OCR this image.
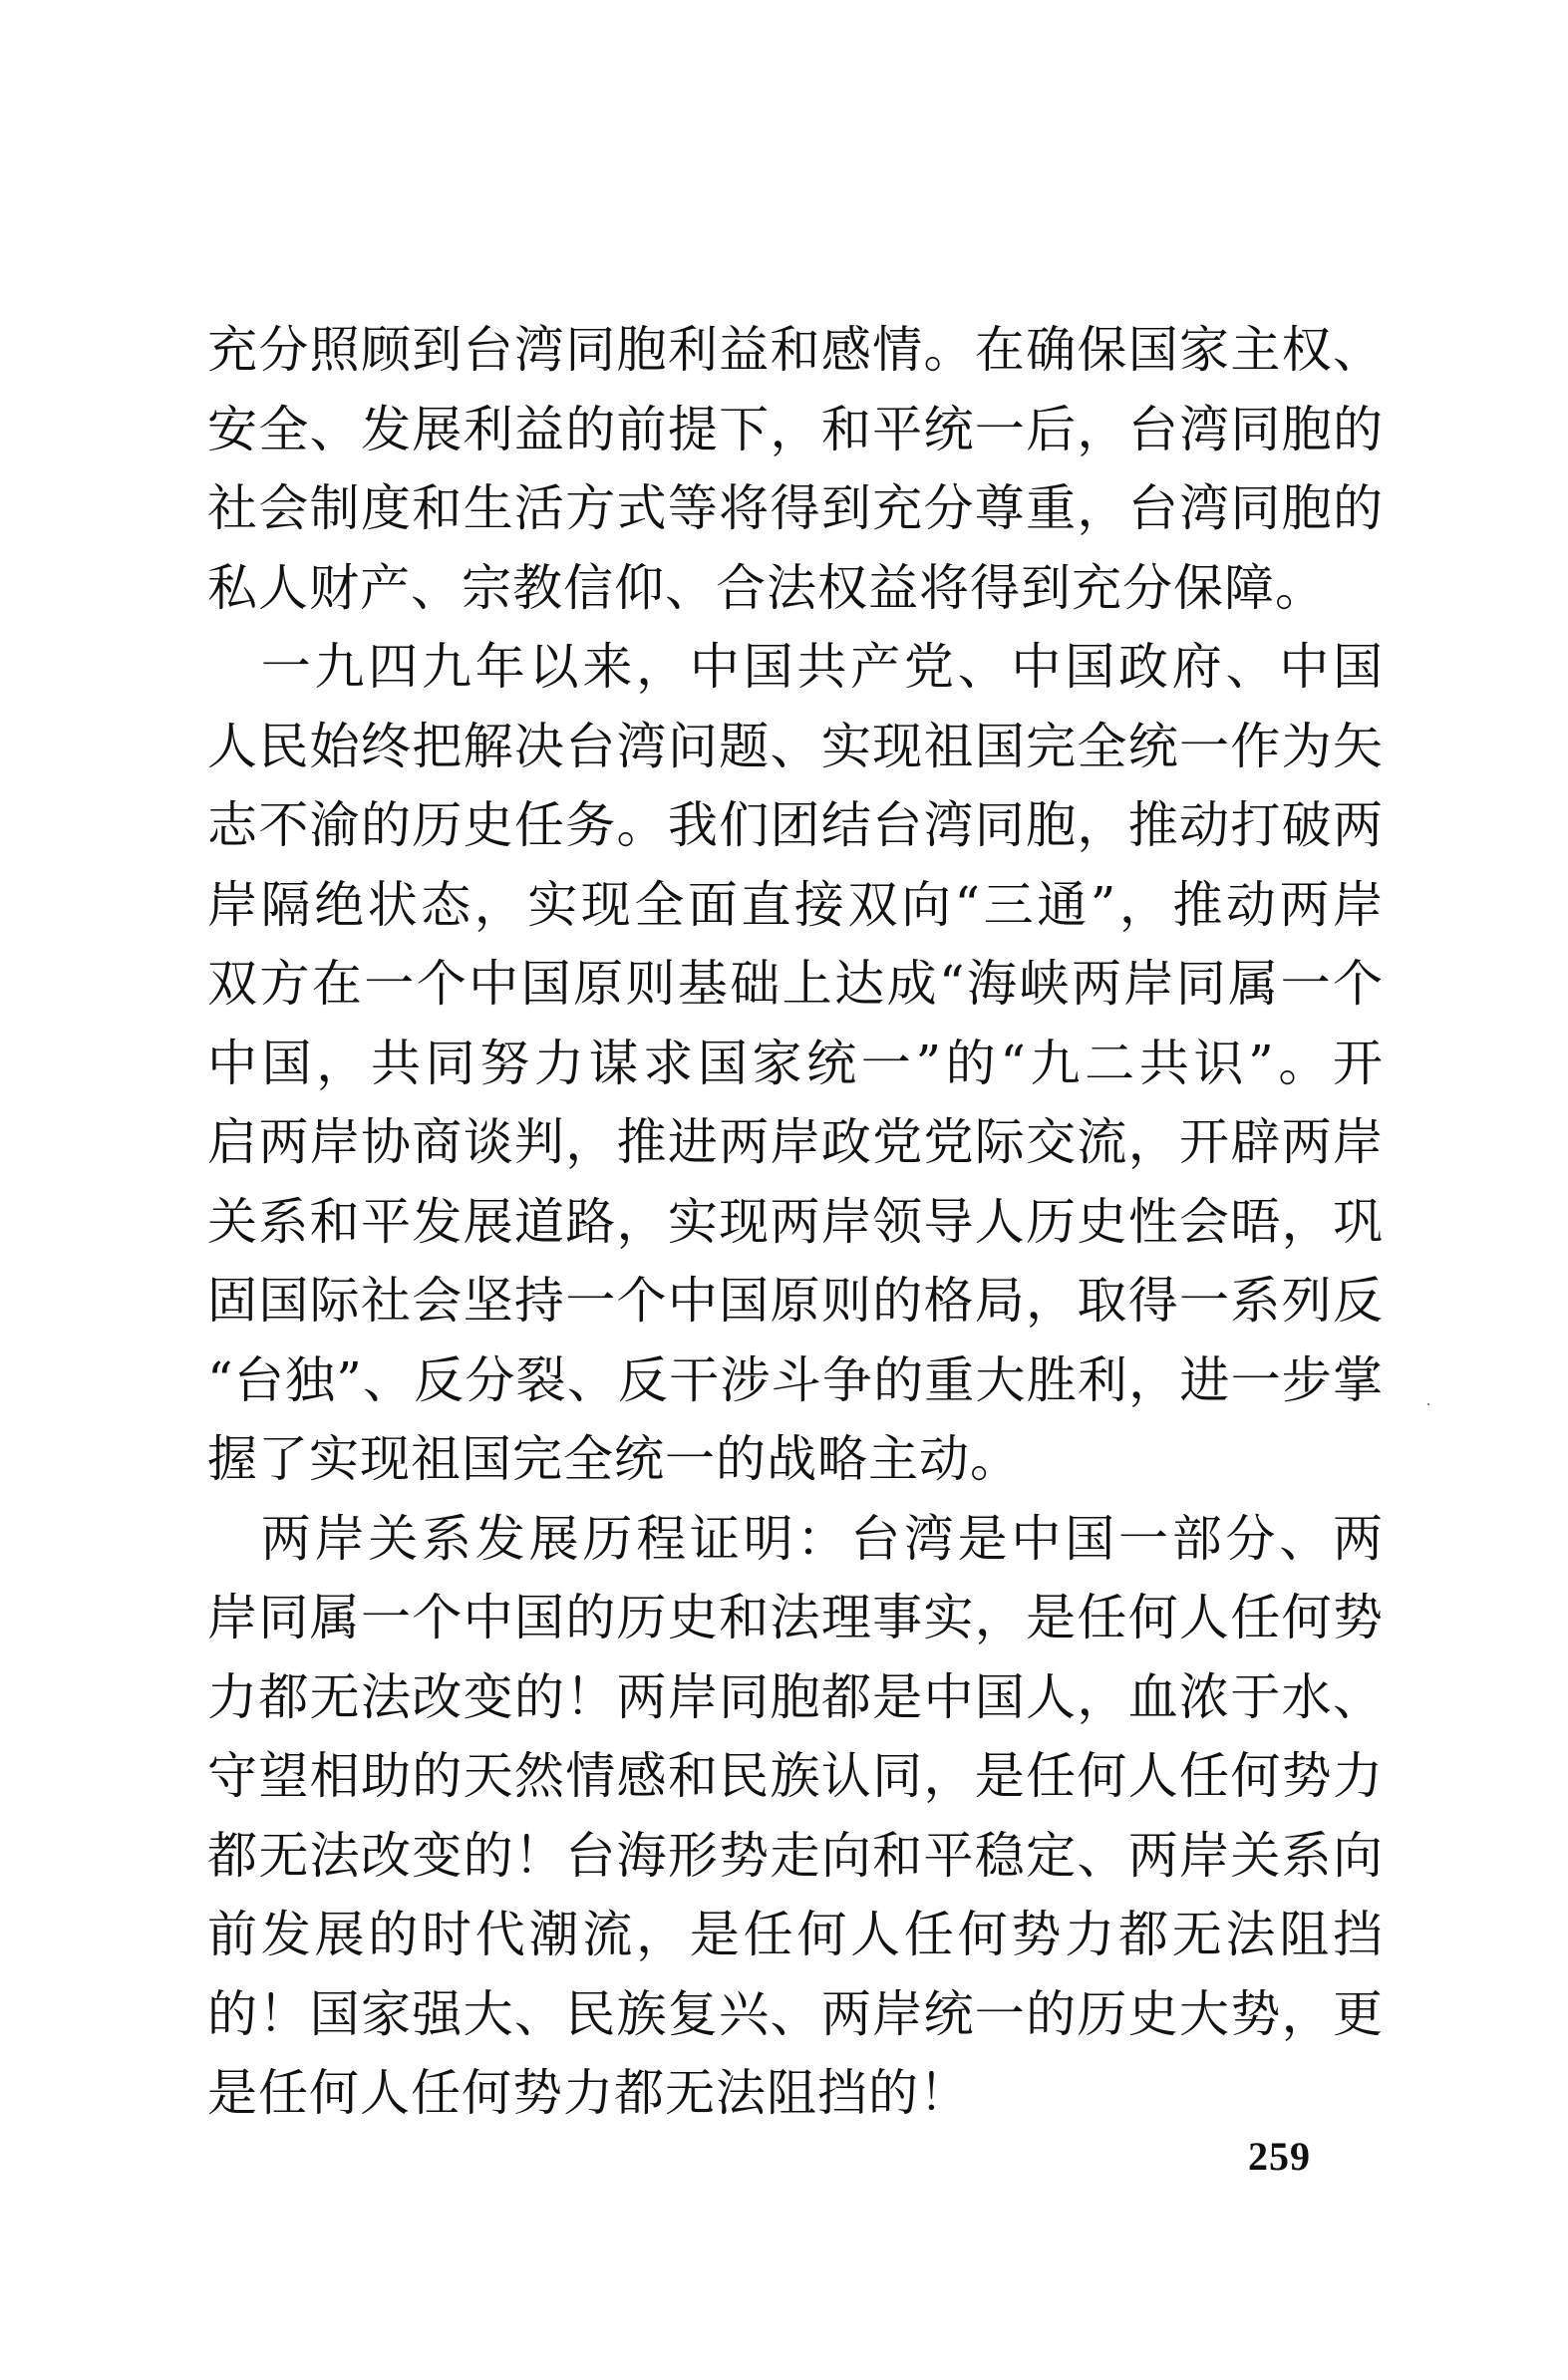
充分照顾到台湾同胞利益和感情。在确保国家主权、
安全、发展利益的前提下，和平统一后，台湾同胞的
社会制度和生活方式等将得到充分尊重，台湾同胞的
私人财产、宗教信仰、合法权益将得到充分保障。
　一九四九年以来，中国共产党、中国政府、中国
人民始终把解决台湾问题、实现祖国完全统一作为矢
志不渝的历史任务。我们团结台湾同胞，推动打破两
岸隔绝状态，实现全面直接双向“三通”，推动两岸
双方在一个中国原则基础上达成“海峡两岸同属一个
中国，共同努力谋求国家统一”的“九二共识”。开
启两岸协商谈判，推进两岸政党党际交流，开辟两岸
关系和平发展道路，实现两岸领导人历史性会晤，巩
固国际社会坚持一个中国原则的格局，取得一系列反
“台独”、反分裂、反干涉斗争的重大胜利，进一步掌
握了实现祖国完全统一的战略主动。
　两岸关系发展历程证明：台湾是中国一部分、两
岸同属一个中国的历史和法理事实，是任何人任何势
力都无法改变的！两岸同胞都是中国人，血浓于水、
守望相助的天然情感和民族认同，是任何人任何势力
都无法改变的！台海形势走向和平稳定、两岸关系向
前发展的时代潮流，是任何人任何势力都无法阻挡
的！国家强大、民族复兴、两岸统一的历史大势，更
是任何人任何势力都无法阻挡的！
259
